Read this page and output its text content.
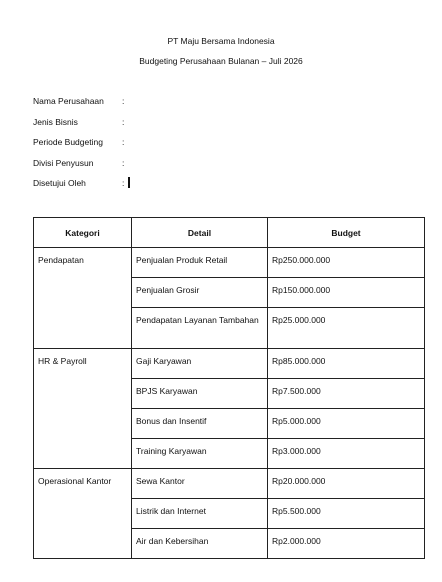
PT Maju Bersama Indonesia
Budgeting Perusahaan Bulanan – Juli 2026
Nama Perusahaan :
Jenis Bisnis	:
Periode Budgeting :
Divisi Penyusun	:
Disetujui Oleh	:
Kategori	Detail	Budget
Pendapatan	Penjualan Produk Retail	Rp250.000.000
	Penjualan Grosir	Rp150.000.000
	Pendapatan Layanan Tambahan	Rp25.000.000
HR & Payroll	Gaji Karyawan	Rp85.000.000
	BPJS Karyawan	Rp7.500.000
	Bonus dan Insentif	Rp5.000.000
	Training Karyawan	Rp3.000.000
Operasional Kantor	Sewa Kantor	Rp20.000.000
	Listrik dan Internet	Rp5.500.000
	Air dan Kebersihan	Rp2.000.000
